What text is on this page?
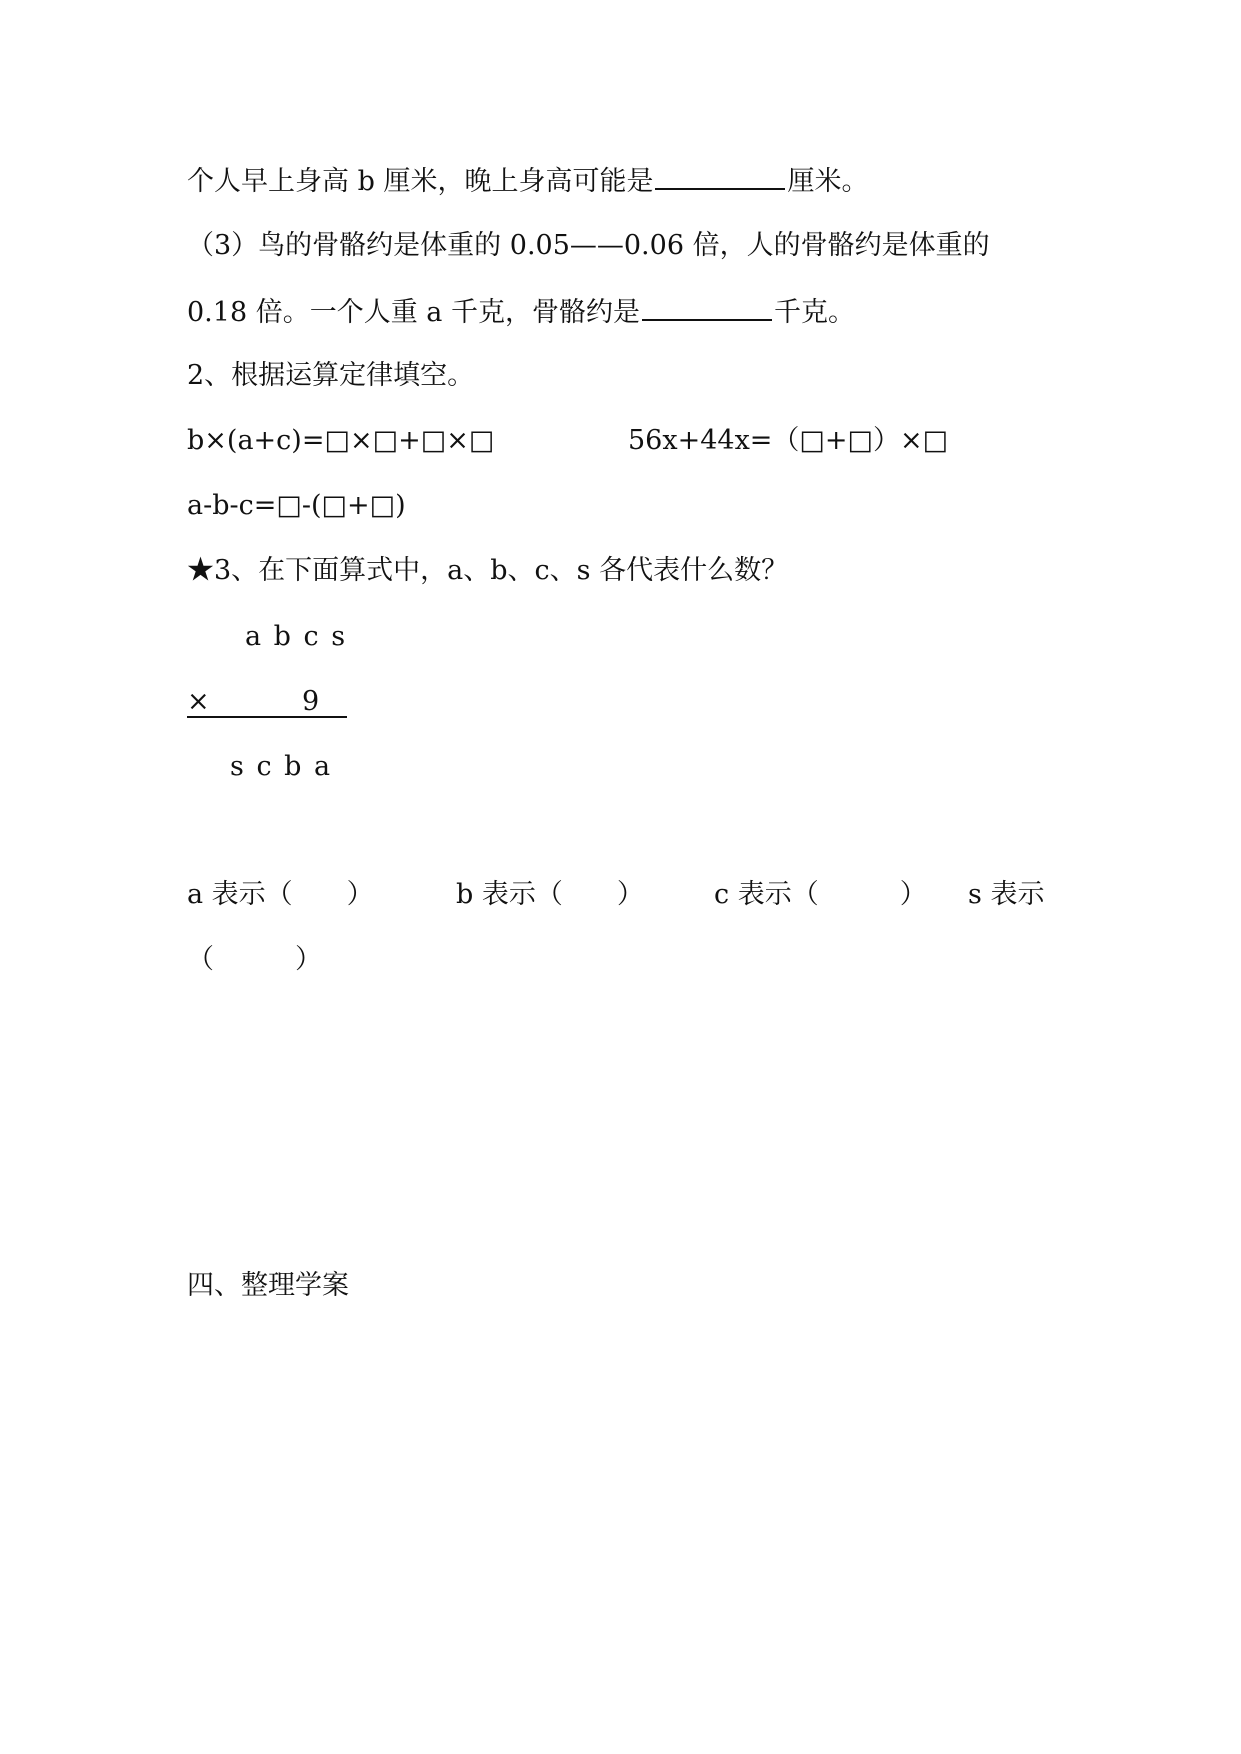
个人早上身高 b 厘米，晚上身高可能是	厘米。
（3）鸟的骨骼约是体重的 0.05——0.06 倍，人的骨骼约是体重的
0.18 倍。一个人重 a 千克，骨骼约是	千克。
2、根据运算定律填空。
b×(a+c)=□×□+□×□	56x+44x=（□+□）×□
a-b-c=□-(□+□)
★3、在下面算式中，a、b、c、s 各代表什么数？
a b c s
×	9
s c b a
a 表示（　　）	b 表示（　　）	c 表示（　　　） s 表示
（　　　）
四、整理学案
